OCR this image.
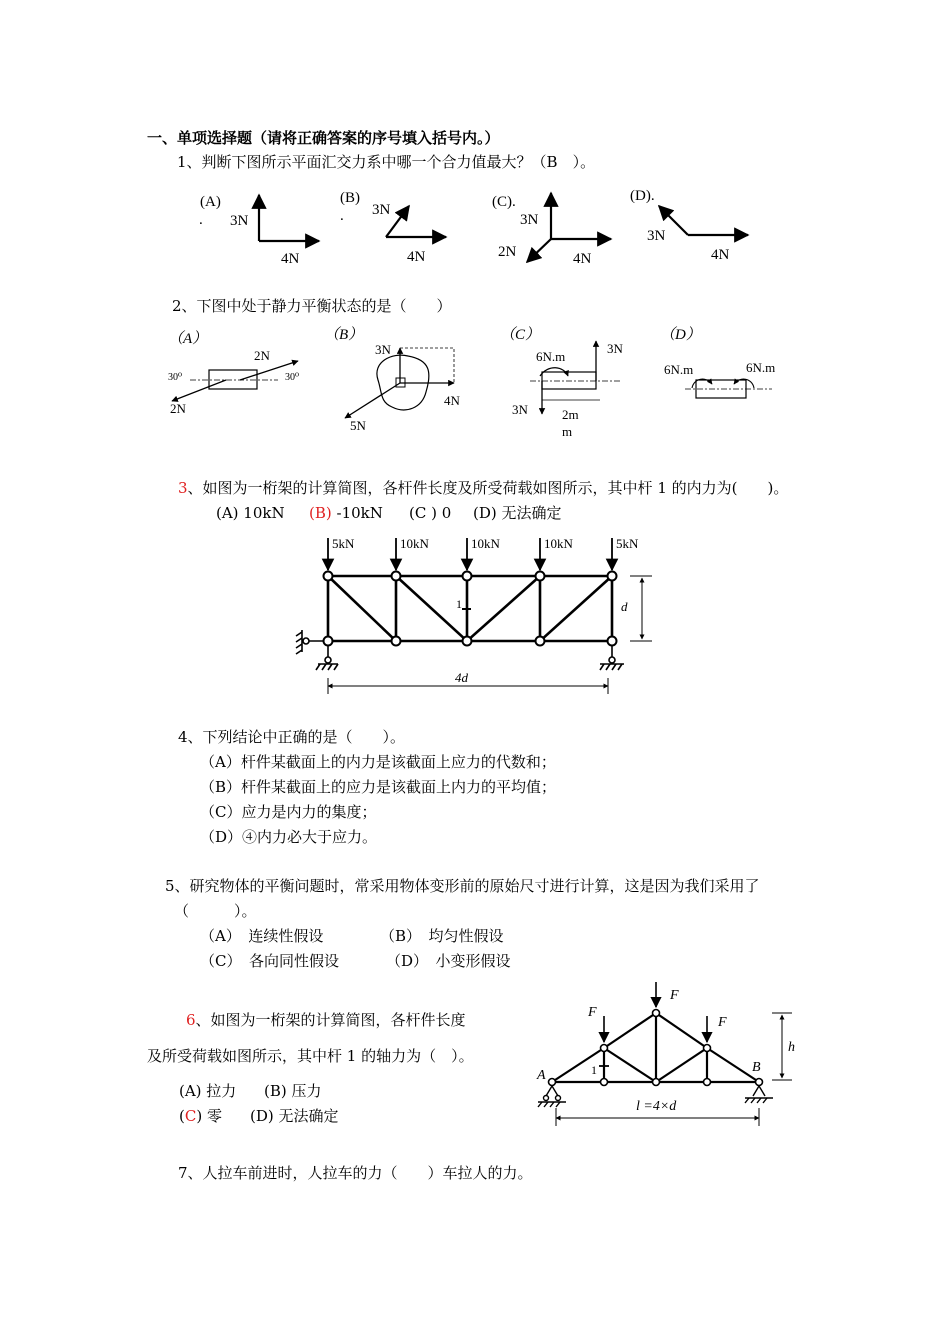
一、单项选择题（请将正确答案的序号填入括号内。）
1、判断下图所示平面汇交力系中哪一个合力值最大？（B　）。
(A)
.
(B)
.
(C).	(D).
3N
4N
3N
4N
3N
2N	4N
3N
4N
2、下图中处于静力平衡状态的是（　　）
（A）	（B）	（C）	（D）
2N
2N
30⁰	30⁰
3N
4N
5N
6N.m
3N
3N	2m
m
6N.m	6N.m
3、如图为一桁架的计算简图，各杆件长度及所受荷载如图所示，其中杆 1 的内力为(　　)。
(A) 10kN (B) -10kN (C ) 0 (D) 无法确定
5kN	10kN	10kN	10kN	5kN
1	d
4d
4、下列结论中正确的是（　　）。
（A）杆件某截面上的内力是该截面上应力的代数和；
（B）杆件某截面上的应力是该截面上内力的平均值；
（C）应力是内力的集度；
（D）④内力必大于应力。
5、研究物体的平衡问题时，常采用物体变形前的原始尺寸进行计算，这是因为我们采用了
（　　　）。
（A）　连续性假设	（B）　均匀性假设
（C）　各向同性假设	（D）　小变形假设
6、如图为一桁架的计算简图，各杆件长度
及所受荷载如图所示，其中杆 1 的轴力为（　）。
(A) 拉力 (B) 压力
(C) 零 (D) 无法确定
F
F
F
h
A
B
1
l =4×d
7、人拉车前进时，人拉车的力（　　）车拉人的力。
